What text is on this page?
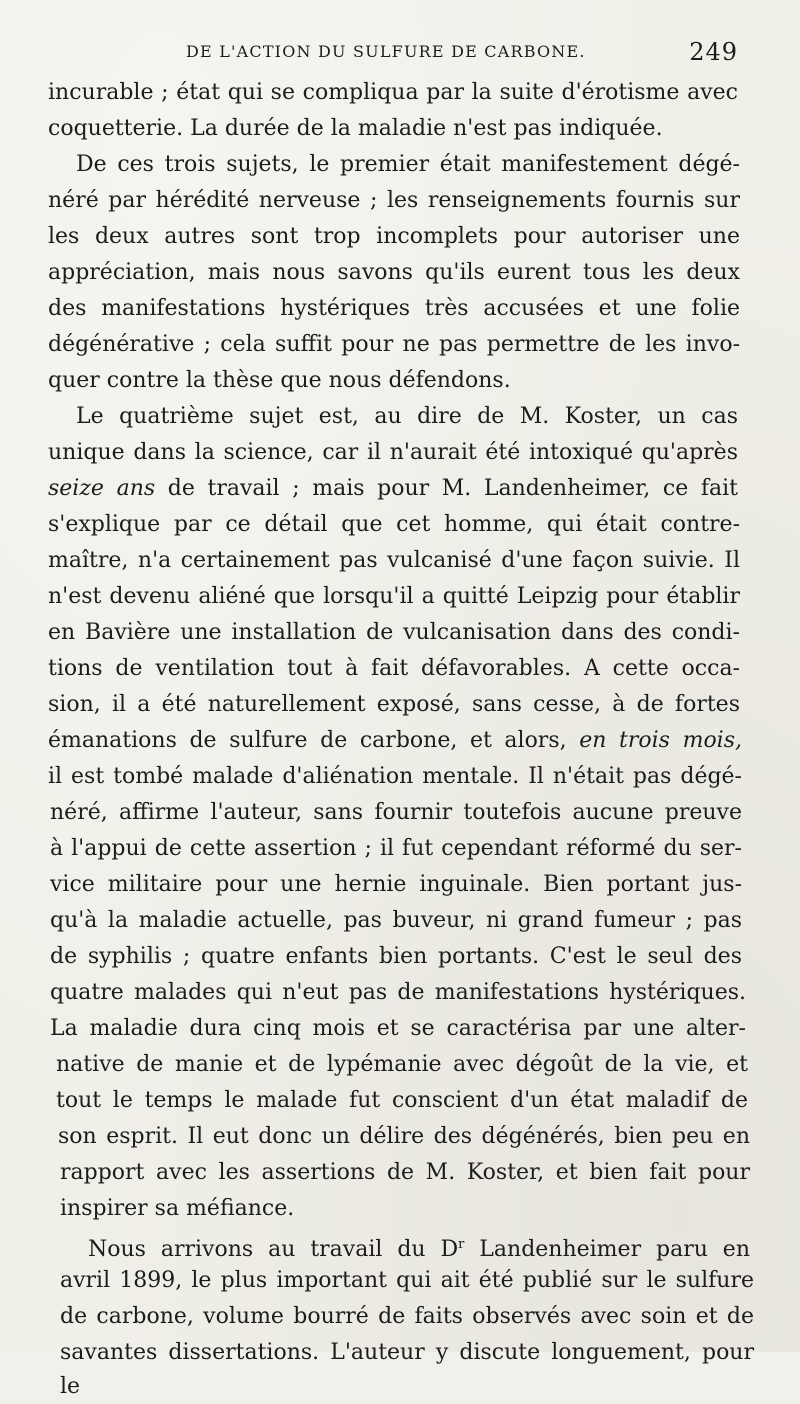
DE L'ACTION DU SULFURE DE CARBONE.	249
incurable ; état qui se compliqua par la suite d'érotisme avec
coquetterie. La durée de la maladie n'est pas indiquée.
De ces trois sujets, le premier était manifestement dégé-
néré par hérédité nerveuse ; les renseignements fournis sur
les deux autres sont trop incomplets pour autoriser une
appréciation, mais nous savons qu'ils eurent tous les deux
des manifestations hystériques très accusées et une folie
dégénérative ; cela suffit pour ne pas permettre de les invo-
quer contre la thèse que nous défendons.
Le quatrième sujet est, au dire de M. Koster, un cas
unique dans la science, car il n'aurait été intoxiqué qu'après
seize ans de travail ; mais pour M. Landenheimer, ce fait
s'explique par ce détail que cet homme, qui était contre-
maître, n'a certainement pas vulcanisé d'une façon suivie. Il
n'est devenu aliéné que lorsqu'il a quitté Leipzig pour établir
en Bavière une installation de vulcanisation dans des condi-
tions de ventilation tout à fait défavorables. A cette occa-
sion, il a été naturellement exposé, sans cesse, à de fortes
émanations de sulfure de carbone, et alors, en trois mois,
il est tombé malade d'aliénation mentale. Il n'était pas dégé-
néré, affirme l'auteur, sans fournir toutefois aucune preuve
à l'appui de cette assertion ; il fut cependant réformé du ser-
vice militaire pour une hernie inguinale. Bien portant jus-
qu'à la maladie actuelle, pas buveur, ni grand fumeur ; pas
de syphilis ; quatre enfants bien portants. C'est le seul des
quatre malades qui n'eut pas de manifestations hystériques.
La maladie dura cinq mois et se caractérisa par une alter-
native de manie et de lypémanie avec dégoût de la vie, et
tout le temps le malade fut conscient d'un état maladif de
son esprit. Il eut donc un délire des dégénérés, bien peu en
rapport avec les assertions de M. Koster, et bien fait pour
inspirer sa méfiance.
Nous arrivons au travail du $D^r$ Landenheimer paru en
avril 1899, le plus important qui ait été publié sur le sulfure
de carbone, volume bourré de faits observés avec soin et de
savantes dissertations. L'auteur y discute longuement, pour le
